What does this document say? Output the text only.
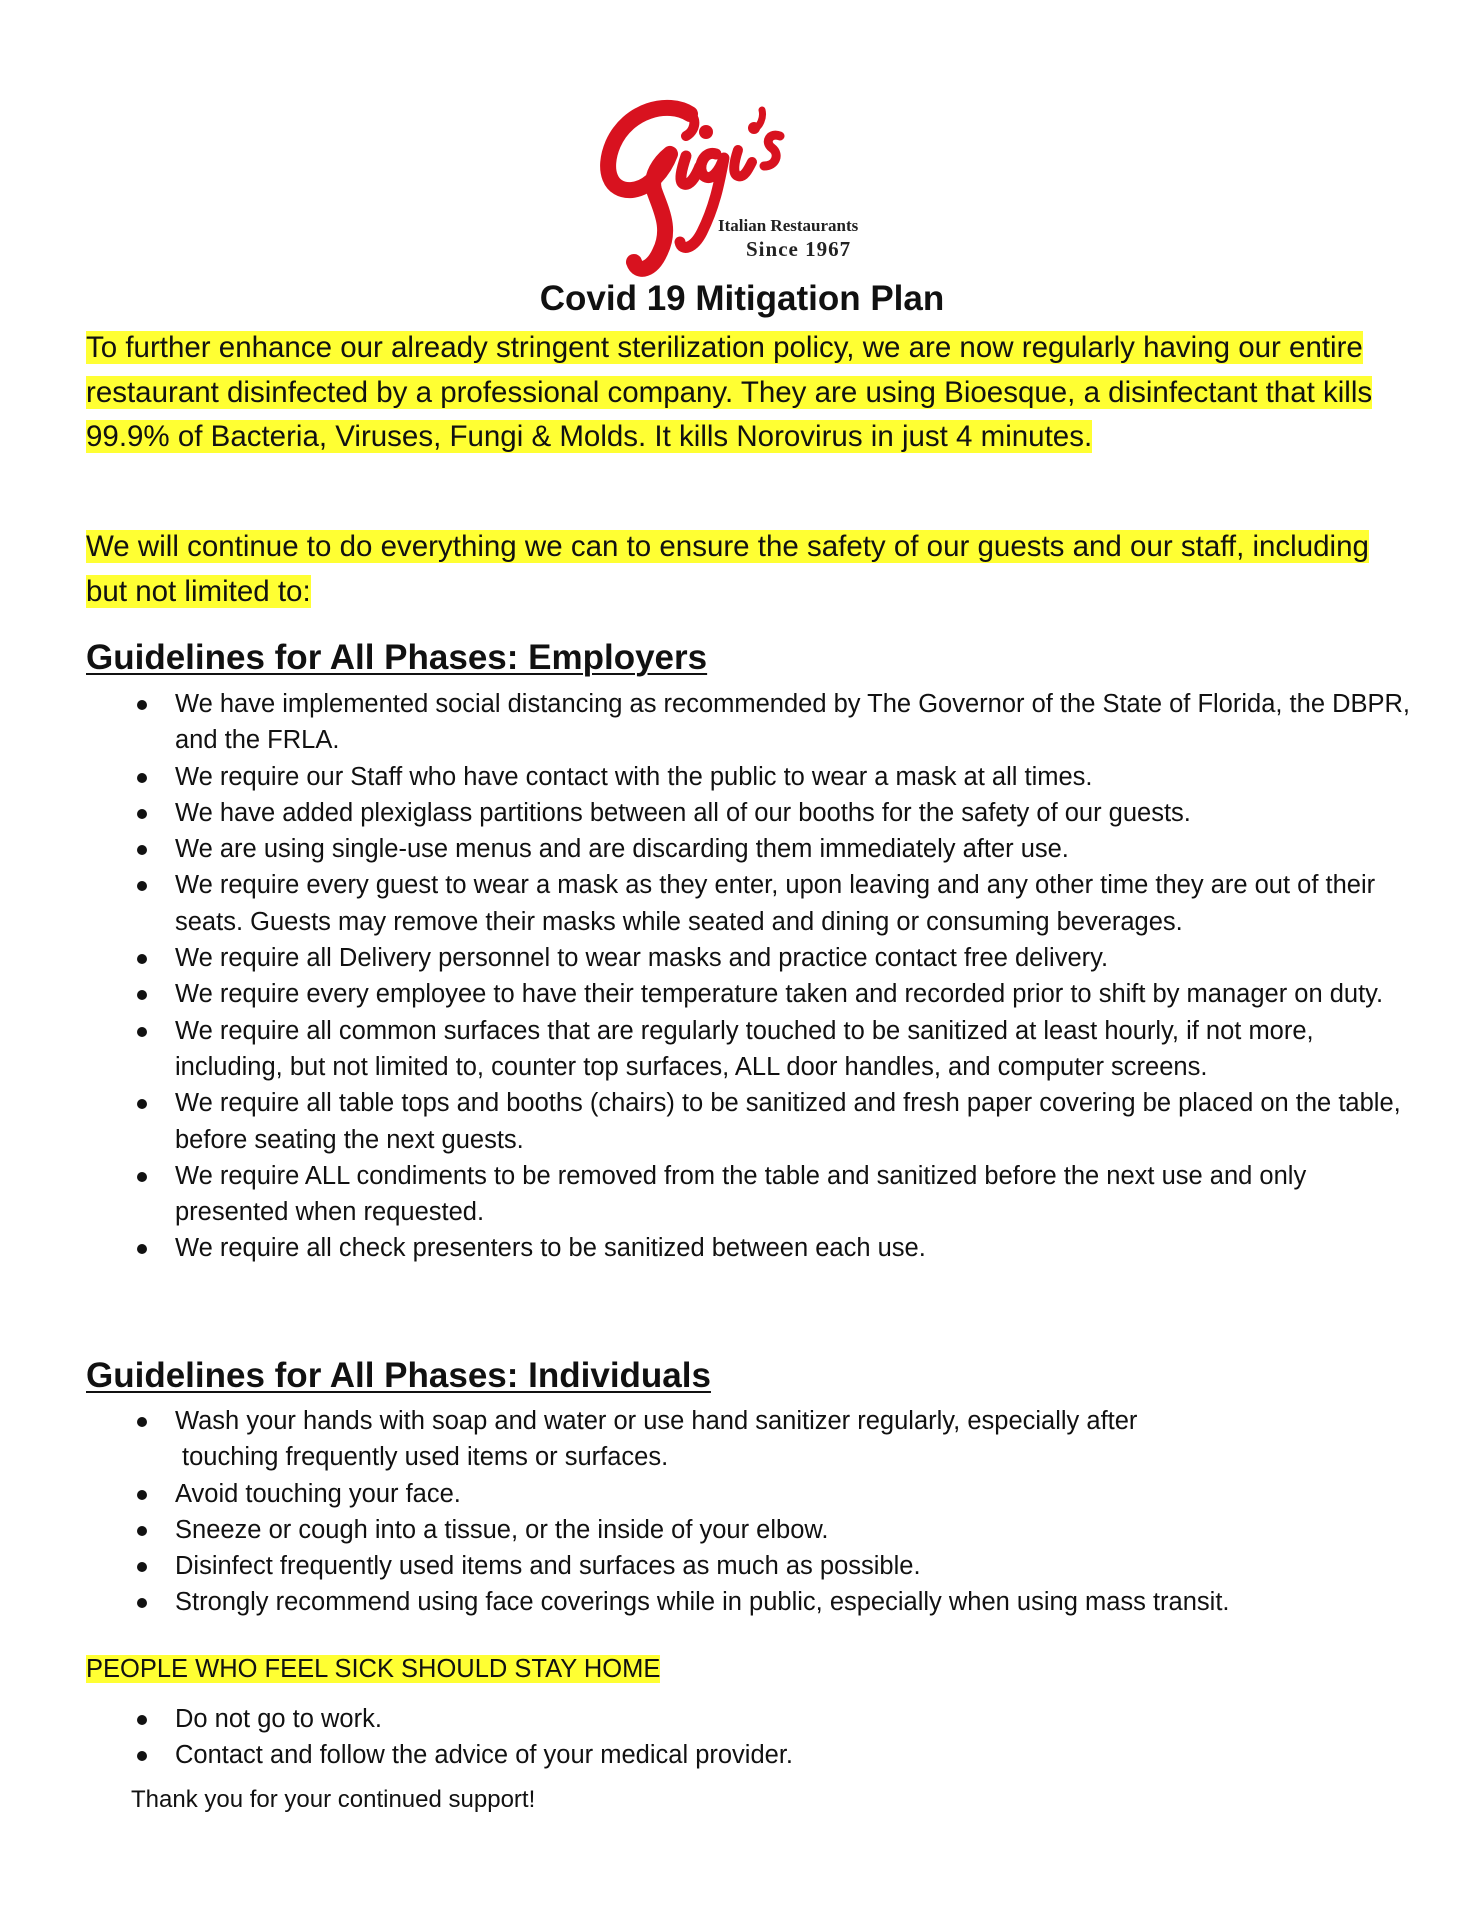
Italian Restaurants
Since 1967
Covid 19 Mitigation Plan

To further enhance our already stringent sterilization policy, we are now regularly having our entire restaurant disinfected by a professional company. They are using Bioesque, a disinfectant that kills 99.9% of Bacteria, Viruses, Fungi & Molds. It kills Norovirus in just 4 minutes.

We will continue to do everything we can to ensure the safety of our guests and our staff, including but not limited to:

Guidelines for All Phases: Employers
We have implemented social distancing as recommended by The Governor of the State of Florida, the DBPR, and the FRLA.
We require our Staff who have contact with the public to wear a mask at all times.
We have added plexiglass partitions between all of our booths for the safety of our guests.
We are using single-use menus and are discarding them immediately after use.
We require every guest to wear a mask as they enter, upon leaving and any other time they are out of their seats. Guests may remove their masks while seated and dining or consuming beverages.
We require all Delivery personnel to wear masks and practice contact free delivery.
We require every employee to have their temperature taken and recorded prior to shift by manager on duty.
We require all common surfaces that are regularly touched to be sanitized at least hourly, if not more, including, but not limited to, counter top surfaces, ALL door handles, and computer screens.
We require all table tops and booths (chairs) to be sanitized and fresh paper covering be placed on the table, before seating the next guests.
We require ALL condiments to be removed from the table and sanitized before the next use and only presented when requested.
We require all check presenters to be sanitized between each use.
Guidelines for All Phases: Individuals
Wash your hands with soap and water or use hand sanitizer regularly, especially after
touching frequently used items or surfaces.
Avoid touching your face.
Sneeze or cough into a tissue, or the inside of your elbow.
Disinfect frequently used items and surfaces as much as possible.
Strongly recommend using face coverings while in public, especially when using mass transit.

PEOPLE WHO FEEL SICK SHOULD STAY HOME

Do not go to work.
Contact and follow the advice of your medical provider.

Thank you for your continued support!
